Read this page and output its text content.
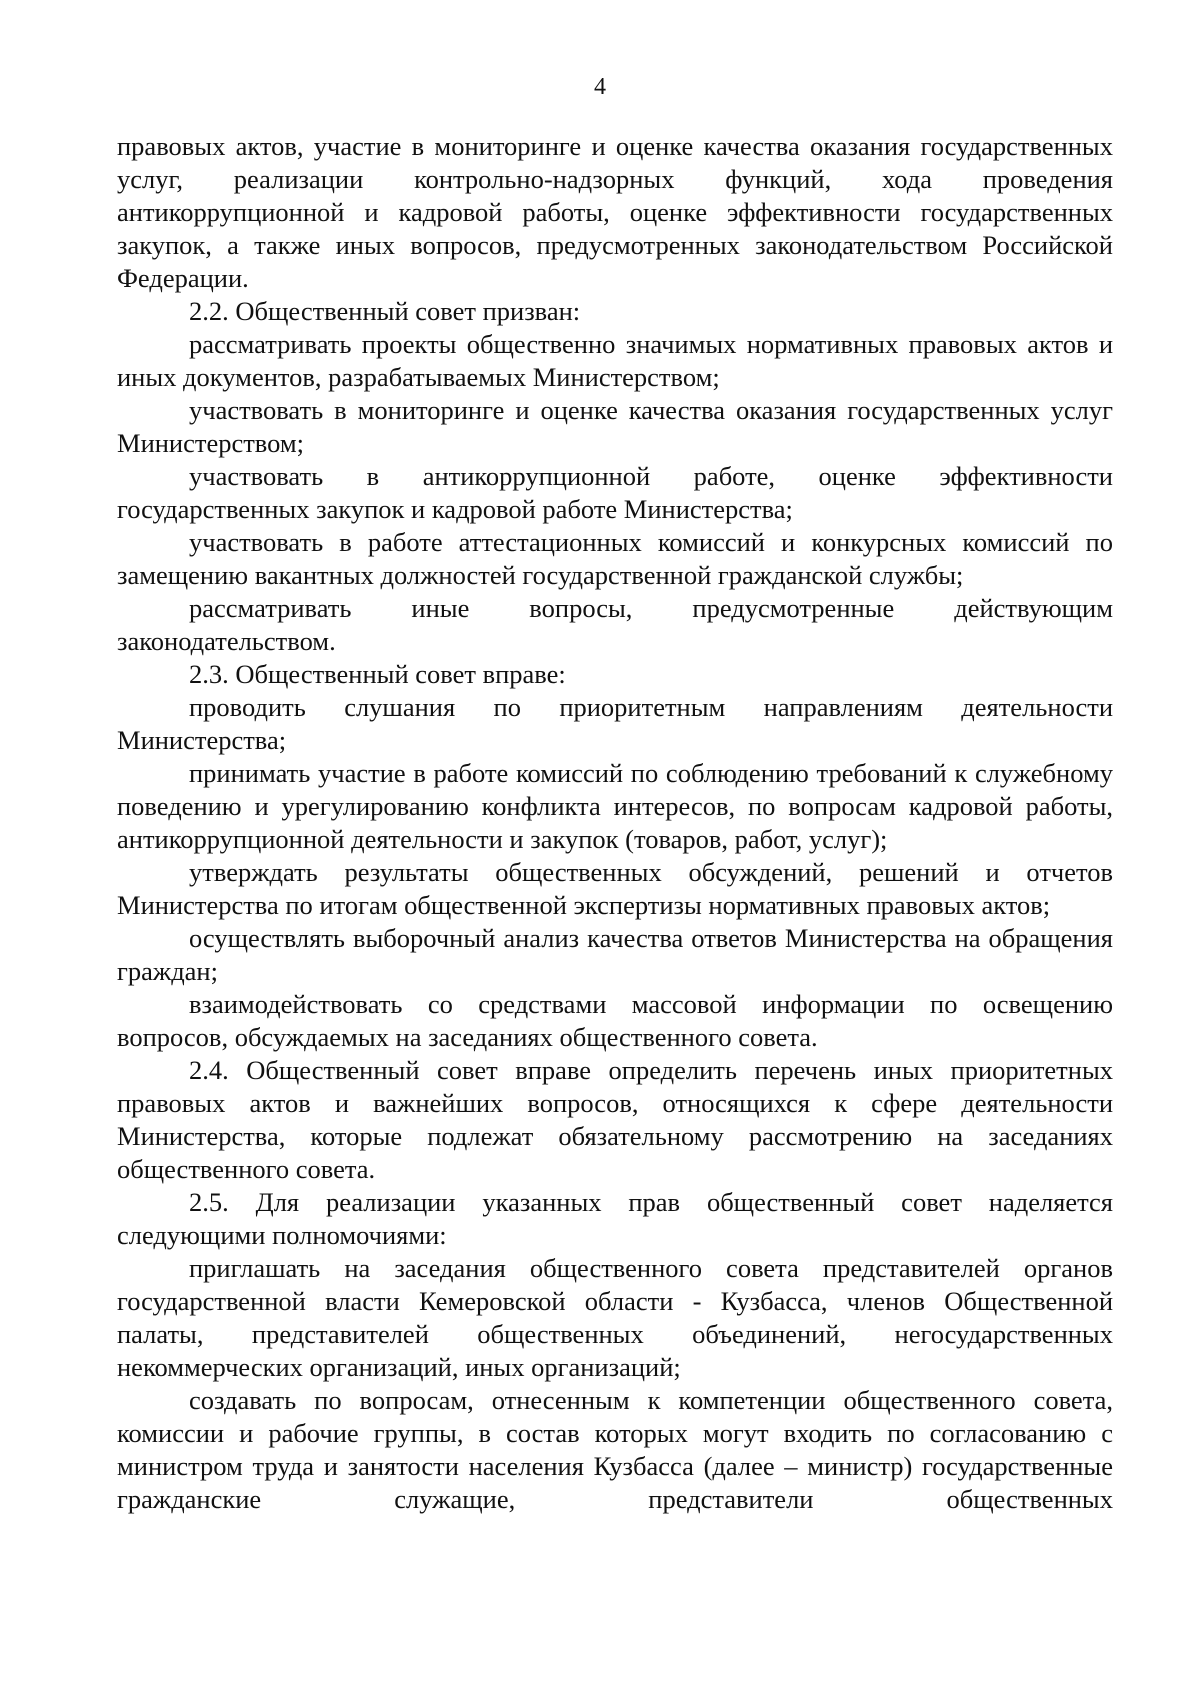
4

правовых актов, участие в мониторинге и оценке качества оказания государственных услуг, реализации контрольно-надзорных функций, хода проведения антикоррупционной и кадровой работы, оценке эффективности государственных закупок, а также иных вопросов, предусмотренных законодательством Российской Федерации.

2.2. Общественный совет призван:

рассматривать проекты общественно значимых нормативных правовых актов и иных документов, разрабатываемых Министерством;

участвовать в мониторинге и оценке качества оказания государственных услуг Министерством;

участвовать в антикоррупционной работе, оценке эффективности государственных закупок и кадровой работе Министерства;

участвовать в работе аттестационных комиссий и конкурсных комиссий по замещению вакантных должностей государственной гражданской службы;

рассматривать иные вопросы, предусмотренные действующим законодательством.

2.3. Общественный совет вправе:

проводить слушания по приоритетным направлениям деятельности Министерства;

принимать участие в работе комиссий по соблюдению требований к служебному поведению и урегулированию конфликта интересов, по вопросам кадровой работы, антикоррупционной деятельности и закупок (товаров, работ, услуг);

утверждать результаты общественных обсуждений, решений и отчетов Министерства по итогам общественной экспертизы нормативных правовых актов;

осуществлять выборочный анализ качества ответов Министерства на обращения граждан;

взаимодействовать со средствами массовой информации по освещению вопросов, обсуждаемых на заседаниях общественного совета.

2.4. Общественный совет вправе определить перечень иных приоритетных правовых актов и важнейших вопросов, относящихся к сфере деятельности Министерства, которые подлежат обязательному рассмотрению на заседаниях общественного совета.

2.5. Для реализации указанных прав общественный совет наделяется следующими полномочиями:

приглашать на заседания общественного совета представителей органов государственной власти Кемеровской области - Кузбасса, членов Общественной палаты, представителей общественных объединений, негосударственных некоммерческих организаций, иных организаций;

создавать по вопросам, отнесенным к компетенции общественного совета, комиссии и рабочие группы, в состав которых могут входить по согласованию с министром труда и занятости населения Кузбасса (далее – министр) государственные гражданские служащие, представители общественных
